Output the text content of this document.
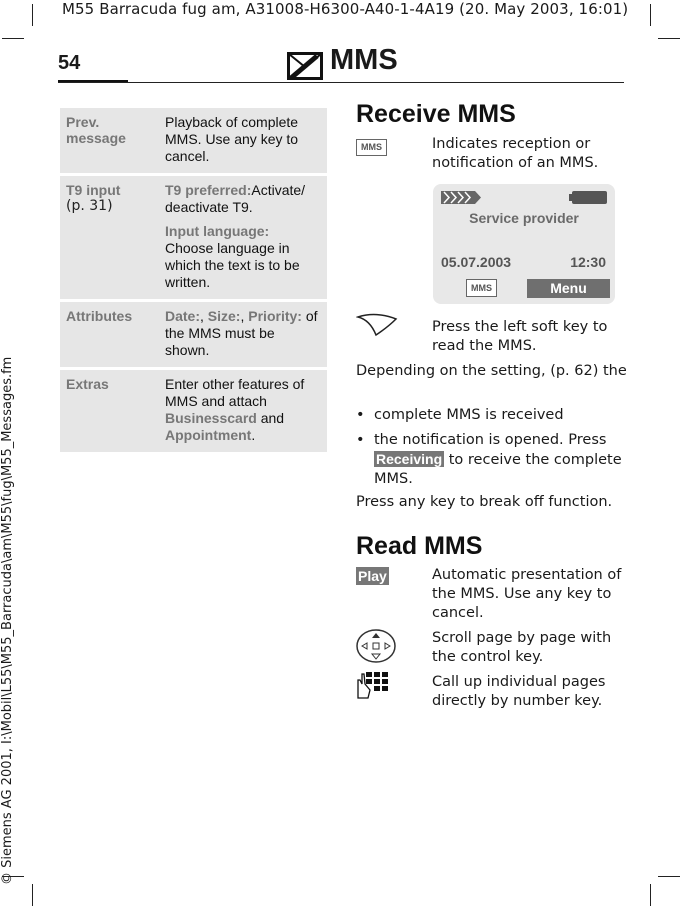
M55 Barracuda fug am, A31008-H6300-A40-1-4A19 (20. May 2003, 16:01)
© Siemens AG 2001, I:\Mobil\L55\M55_Barracuda\am\M55\fug\M55_Messages.fm
54	MMS
Prev. message	Playback of complete MMS. Use any key to cancel.
T9 input
(p. 31)	T9 preferred:Activate/ deactivate T9.
Input language: Choose language in which the text is to be written.
Attributes	Date:, Size:, Priority: of the MMS must be shown.
Extras	Enter other features of MMS and attach Businesscard and Appointment.
Receive MMS
MMS	Indicates reception or notification of an MMS.
Service provider
05.07.2003	12:30
MMS	Menu
Press the left soft key to read the MMS.
Depending on the setting, (p. 62) the
• complete MMS is received
• the notification is opened. Press Receiving to receive the complete MMS.
Press any key to break off function.
Read MMS
Play	Automatic presentation of the MMS. Use any key to cancel.
Scroll page by page with the control key.
Call up individual pages directly by number key.
